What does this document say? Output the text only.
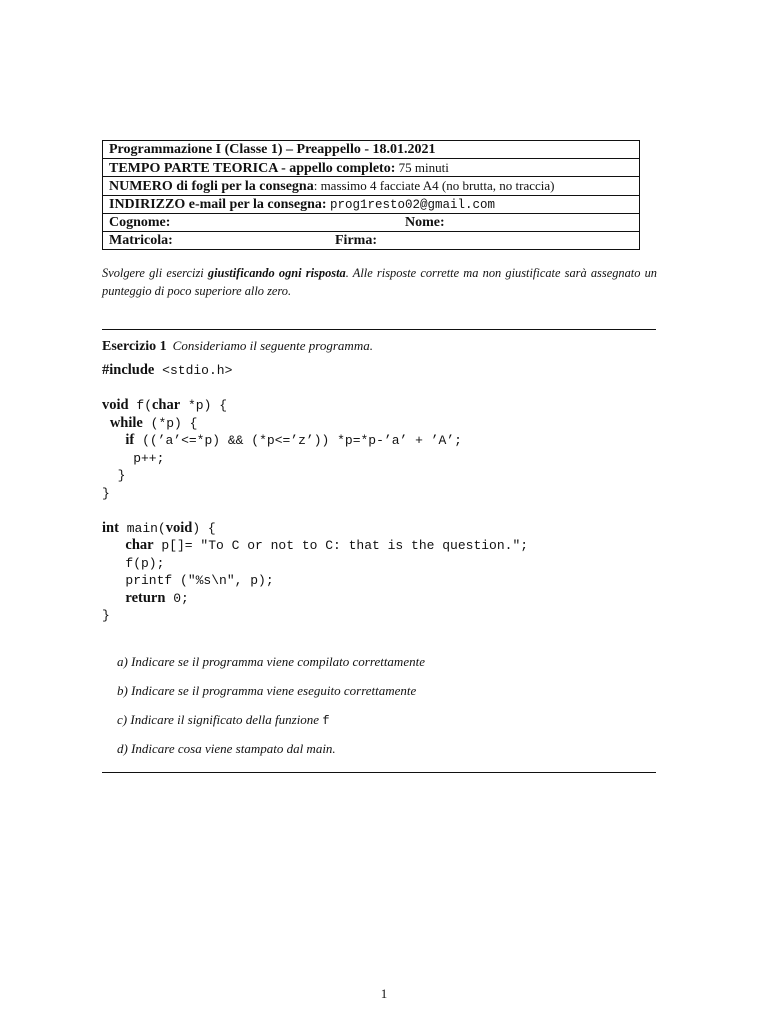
Programmazione I (Classe 1) – Preappello - 18.01.2021
TEMPO PARTE TEORICA - appello completo: 75 minuti
NUMERO di fogli per la consegna: massimo 4 facciate A4 (no brutta, no traccia)
INDIRIZZO e-mail per la consegna: prog1resto02@gmail.com
Cognome:	Nome:
Matricola:	Firma:
Svolgere gli esercizi giustificando ogni risposta. Alle risposte corrette ma non giustificate sarà assegnato un punteggio di poco superiore allo zero.
Esercizio 1 Consideriamo il seguente programma.
#include <stdio.h>

void f(char *p) {
while (*p) {
if ((’a’<=*p) && (*p<=’z’)) *p=*p-’a’ + ’A’;
p++;
}
}

int main(void) {
char p[]= "To C or not to C: that is the question.";
f(p);
printf ("%s\n", p);
return 0;
}
a) Indicare se il programma viene compilato correttamente
b) Indicare se il programma viene eseguito correttamente
c) Indicare il significato della funzione f
d) Indicare cosa viene stampato dal main.
1
